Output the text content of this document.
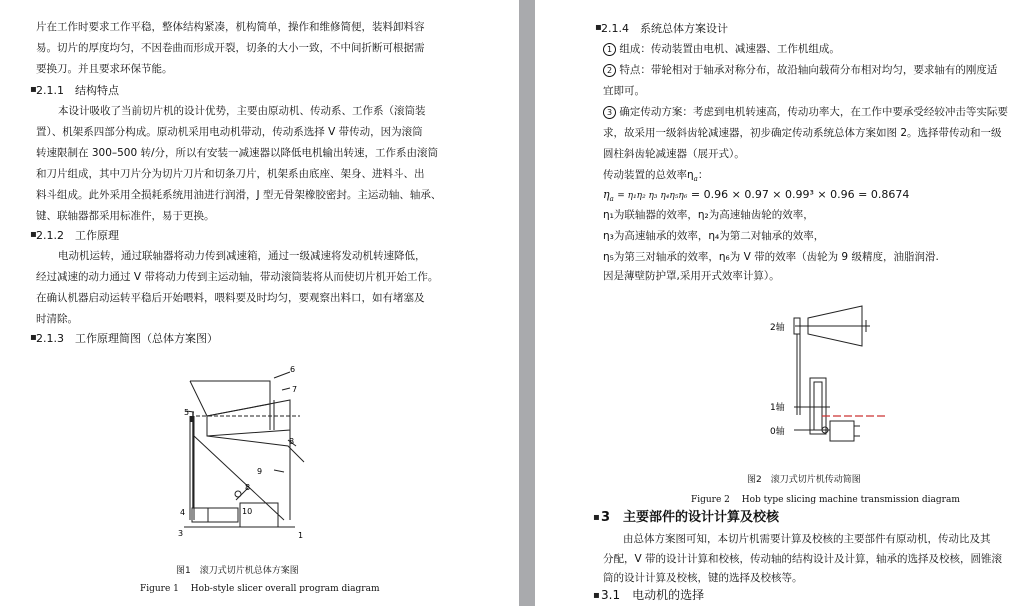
片在工作时要求工作平稳，整体结构紧凑，机构简单，操作和维修简便，装料卸料容
易。切片的厚度均匀，不因卷曲而形成开裂，切条的大小一致，不中间折断可根据需
要换刀。并且要求环保节能。
▪ 2.1.1　结构特点
本设计吸收了当前切片机的设计优势，主要由原动机、传动系、工作系（滚筒装
置）、机架系四部分构成。原动机采用电动机带动，传动系选择 V 带传动，因为滚筒
转速限制在 300–500 转/分，所以有安装一减速器以降低电机输出转速，工作系由滚筒
和刀片组成，其中刀片分为切片刀片和切条刀片，机架系由底座、架身、进料斗、出
料斗组成。此外采用全损耗系统用油进行润滑，J 型无骨架橡胶密封。主运动轴、轴承、
键、联轴器都采用标准件，易于更换。
▪ 2.1.2　工作原理
电动机运转，通过联轴器将动力传到减速箱，通过一级减速将发动机转速降低，
经过减速的动力通过 V 带将动力传到主运动轴，带动滚筒装将从而使切片机开始工作。
在确认机器启动运转平稳后开始喂料，喂料要及时均匀，要观察出料口，如有堵塞及
时清除。
▪ 2.1.3　工作原理简图（总体方案图）
6
7
5
8
9
4
8
10
3	1
图1　滚刀式切片机总体方案图
Figure 1 　Hob-style slicer overall program diagram
▪ 2.1.4　系统总体方案设计
1 组成：传动装置由电机、减速器、工作机组成。
2 特点：带轮相对于轴承对称分布，故沿轴向载荷分布相对均匀，要求轴有的刚度适
宜即可。
3 确定传动方案：考虑到电机转速高，传动功率大，在工作中要承受经较冲击等实际要
求，故采用一级斜齿轮减速器，初步确定传动系统总体方案如图 2。选择带传动和一级
圆柱斜齿轮减速器（展开式）。
传动装置的总效率$\eta_a$：
$\eta_a = \eta_1\eta_2$ η₃ η₄η₅η₆ = 0.96 × 0.97 × 0.99³ × 0.96 = 0.8674
η₁为联轴器的效率，η₂为高速轴齿轮的效率，
η₃为高速轴承的效率，η₄为第二对轴承的效率，
η₅为第三对轴承的效率，η₆为 V 带的效率（齿轮为 9 级精度，油脂润滑.
因是薄壁防护罩,采用开式效率计算）。
2轴
1轴
0轴
图2　滚刀式切片机传动简图
Figure 2 　Hob type slicing machine transmission diagram
▪ 3　主要部件的设计计算及校核
由总体方案图可知，本切片机需要计算及校核的主要部件有原动机，传动比及其
分配，V 带的设计计算和校核，传动轴的结构设计及计算，轴承的选择及校核，圆锥滚
筒的设计计算及校核，键的选择及校核等。
▪ 3.1　电动机的选择
